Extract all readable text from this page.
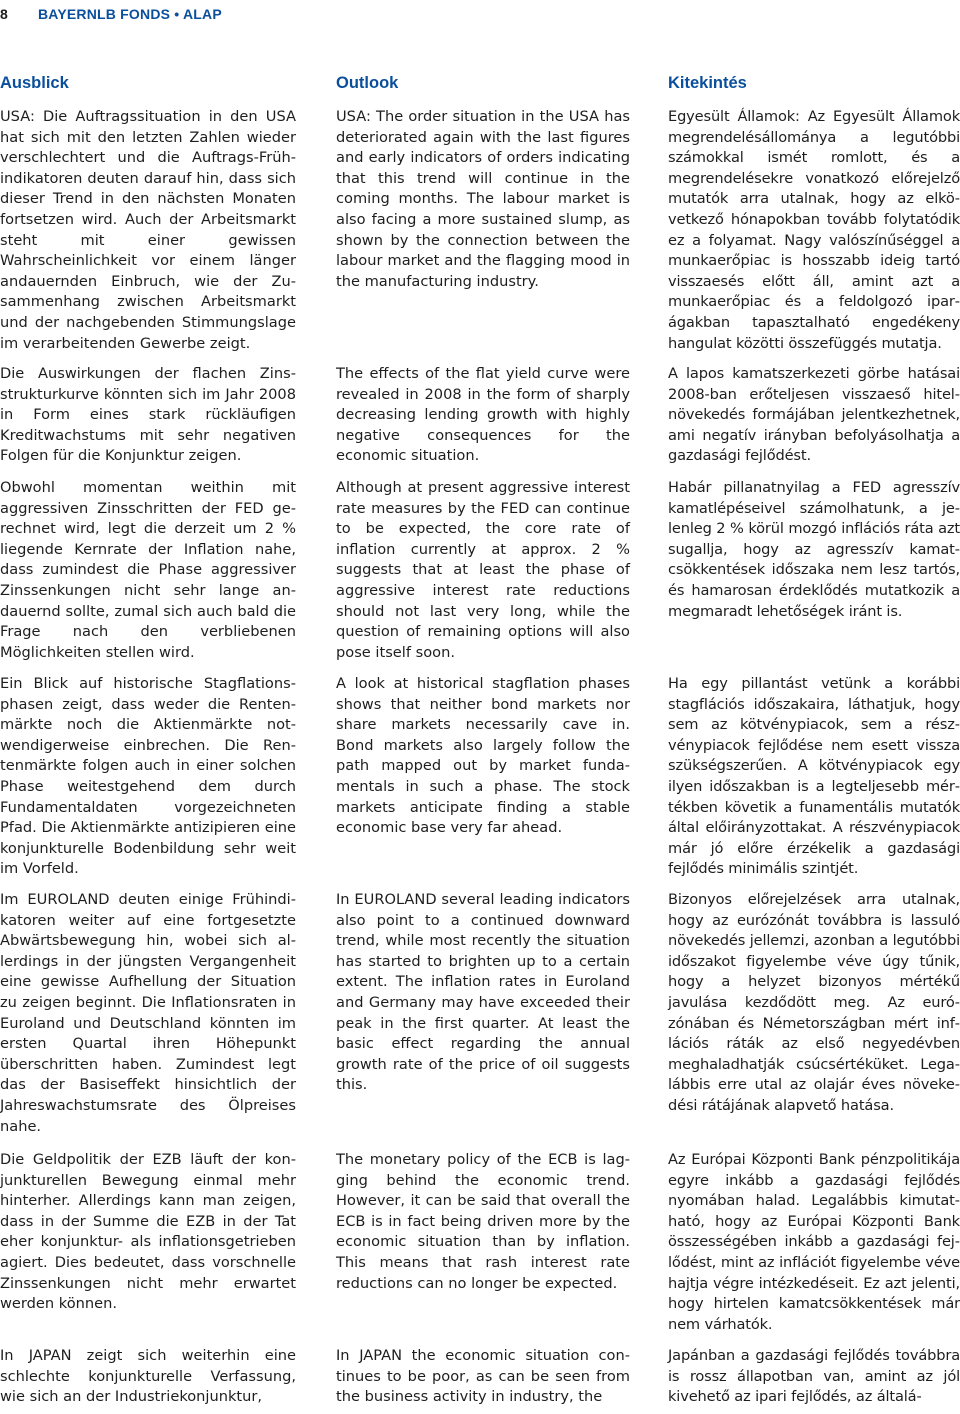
8 BAYERNLB FONDS • ALAP
Ausblick

USA: Die Auftragssituation in den USA hat sich mit den letzten Zahlen wieder verschlechtert und die Auftrags-Frühindikatoren deuten darauf hin, dass sich dieser Trend in den nächsten Monaten fortsetzen wird. Auch der Arbeitsmarkt steht mit einer gewissen Wahrscheinlichkeit vor einem länger andauernden Einbruch, wie der Zusammenhang zwischen Arbeitsmarkt und der nachgebenden Stimmungslage im verarbeitenden Gewerbe zeigt.

Die Auswirkungen der flachen Zinsstrukturkurve könnten sich im Jahr 2008 in Form eines stark rückläufigen Kreditwachstums mit sehr negativen Folgen für die Konjunktur zeigen.

Obwohl momentan weithin mit aggressiven Zinsschritten der FED gerechnet wird, legt die derzeit um 2 % liegende Kernrate der Inflation nahe, dass zumindest die Phase aggressiver Zinssenkungen nicht sehr lange andauernd sollte, zumal sich auch bald die Frage nach den verbliebenen Möglichkeiten stellen wird.

Ein Blick auf historische Stagflationsphasen zeigt, dass weder die Rentenmärkte noch die Aktienmärkte notwendigerweise einbrechen. Die Rentenmärkte folgen auch in einer solchen Phase weitestgehend dem durch Fundamentaldaten vorgezeichneten Pfad. Die Aktienmärkte antizipieren eine konjunkturelle Bodenbildung sehr weit im Vorfeld.

Im EUROLAND deuten einige Frühindikatoren weiter auf eine fortgesetzte Abwärtsbewegung hin, wobei sich allerdings in der jüngsten Vergangenheit eine gewisse Aufhellung der Situation zu zeigen beginnt. Die Inflationsraten in Euroland und Deutschland könnten im ersten Quartal ihren Höhepunkt überschritten haben. Zumindest legt das der Basiseffekt hinsichtlich der Jahreswachstumsrate des Ölpreises nahe.

Die Geldpolitik der EZB läuft der konjunkturellen Bewegung einmal mehr hinterher. Allerdings kann man zeigen, dass in der Summe die EZB in der Tat eher konjunktur- als inflationsgetrieben agiert. Dies bedeutet, dass vorschnelle Zinssenkungen nicht mehr erwartet werden können.

In JAPAN zeigt sich weiterhin eine schlechte konjunkturelle Verfassung, wie sich an der Industriekonjunktur,

Outlook

USA: The order situation in the USA has deteriorated again with the last figures and early indicators of orders indicating that this trend will continue in the coming months. The labour market is also facing a more sustained slump, as shown by the connection between the labour market and the flagging mood in the manufacturing industry.

The effects of the flat yield curve were revealed in 2008 in the form of sharply decreasing lending growth with highly negative consequences for the economic situation.

Although at present aggressive interest rate measures by the FED can continue to be expected, the core rate of inflation currently at approx. 2 % suggests that at least the phase of aggressive interest rate reductions should not last very long, while the question of remaining options will also pose itself soon.

A look at historical stagflation phases shows that neither bond markets nor share markets necessarily cave in. Bond markets also largely follow the path mapped out by market fundamentals in such a phase. The stock markets anticipate finding a stable economic base very far ahead.

In EUROLAND several leading indicators also point to a continued downward trend, while most recently the situation has started to brighten up to a certain extent. The inflation rates in Euroland and Germany may have exceeded their peak in the first quarter. At least the basic effect regarding the annual growth rate of the price of oil suggests this.

The monetary policy of the ECB is lagging behind the economic trend. However, it can be said that overall the ECB is in fact being driven more by the economic situation than by inflation. This means that rash interest rate reductions can no longer be expected.

In JAPAN the economic situation continues to be poor, as can be seen from the business activity in industry, the

Kitekintés

Egyesült Államok: Az Egyesült Államok megrendelésállománya a legutóbbi számokkal ismét romlott, és a megrendelésekre vonatkozó előrejelző mutatók arra utalnak, hogy az elkövetkező hónapokban tovább folytatódik ez a folyamat. Nagy valószínűséggel a munkaerőpiac is hosszabb ideig tartó visszaesés előtt áll, amint azt a munkaerőpiac és a feldolgozó iparágakban tapasztalható engedékeny hangulat közötti összefüggés mutatja.

A lapos kamatszerkezeti görbe hatásai 2008-ban erőteljesen visszaeső hitelnövekedés formájában jelentkezhetnek, ami negatív irányban befolyásolhatja a gazdasági fejlődést.

Habár pillanatnyilag a FED agresszív kamatlépéseivel számolhatunk, a jelenleg 2 % körül mozgó inflációs ráta azt sugallja, hogy az agresszív kamatcsökkentések időszaka nem lesz tartós, és hamarosan érdeklődés mutatkozik a megmaradt lehetőségek iránt is.

Ha egy pillantást vetünk a korábbi stagflációs időszakaira, láthatjuk, hogy sem az kötvénypiacok, sem a részvénypiacok fejlődése nem esett vissza szükségszerűen. A kötvénypiacok egy ilyen időszakban is a legteljesebb mértékben követik a funamentális mutatók által előirányzottakat. A részvénypiacok már jó előre érzékelik a gazdasági fejlődés minimális szintjét.

Bizonyos előrejelzések arra utalnak, hogy az eurózónát továbbra is lassuló növekedés jellemzi, azonban a legutóbbi időszakot figyelembe véve úgy tűnik, hogy a helyzet bizonyos mértékű javulása kezdődött meg. Az eurózónában és Németországban mért inflációs ráták az első negyedévben meghaladhatják csúcsértéküket. Legalábbis erre utal az olajár éves növekedési rátájának alapvető hatása.

Az Európai Központi Bank pénzpolitikája egyre inkább a gazdasági fejlődés nyomában halad. Legalábbis kimutatható, hogy az Európai Központi Bank összességében inkább a gazdasági fejlődést, mint az inflációt figyelembe véve hajtja végre intézkedéseit. Ez azt jelenti, hogy hirtelen kamatcsökkentések már nem várhatók.

Japánban a gazdasági fejlődés továbbra is rossz állapotban van, amint az jól kivehető az ipari fejlődés, az általá-
